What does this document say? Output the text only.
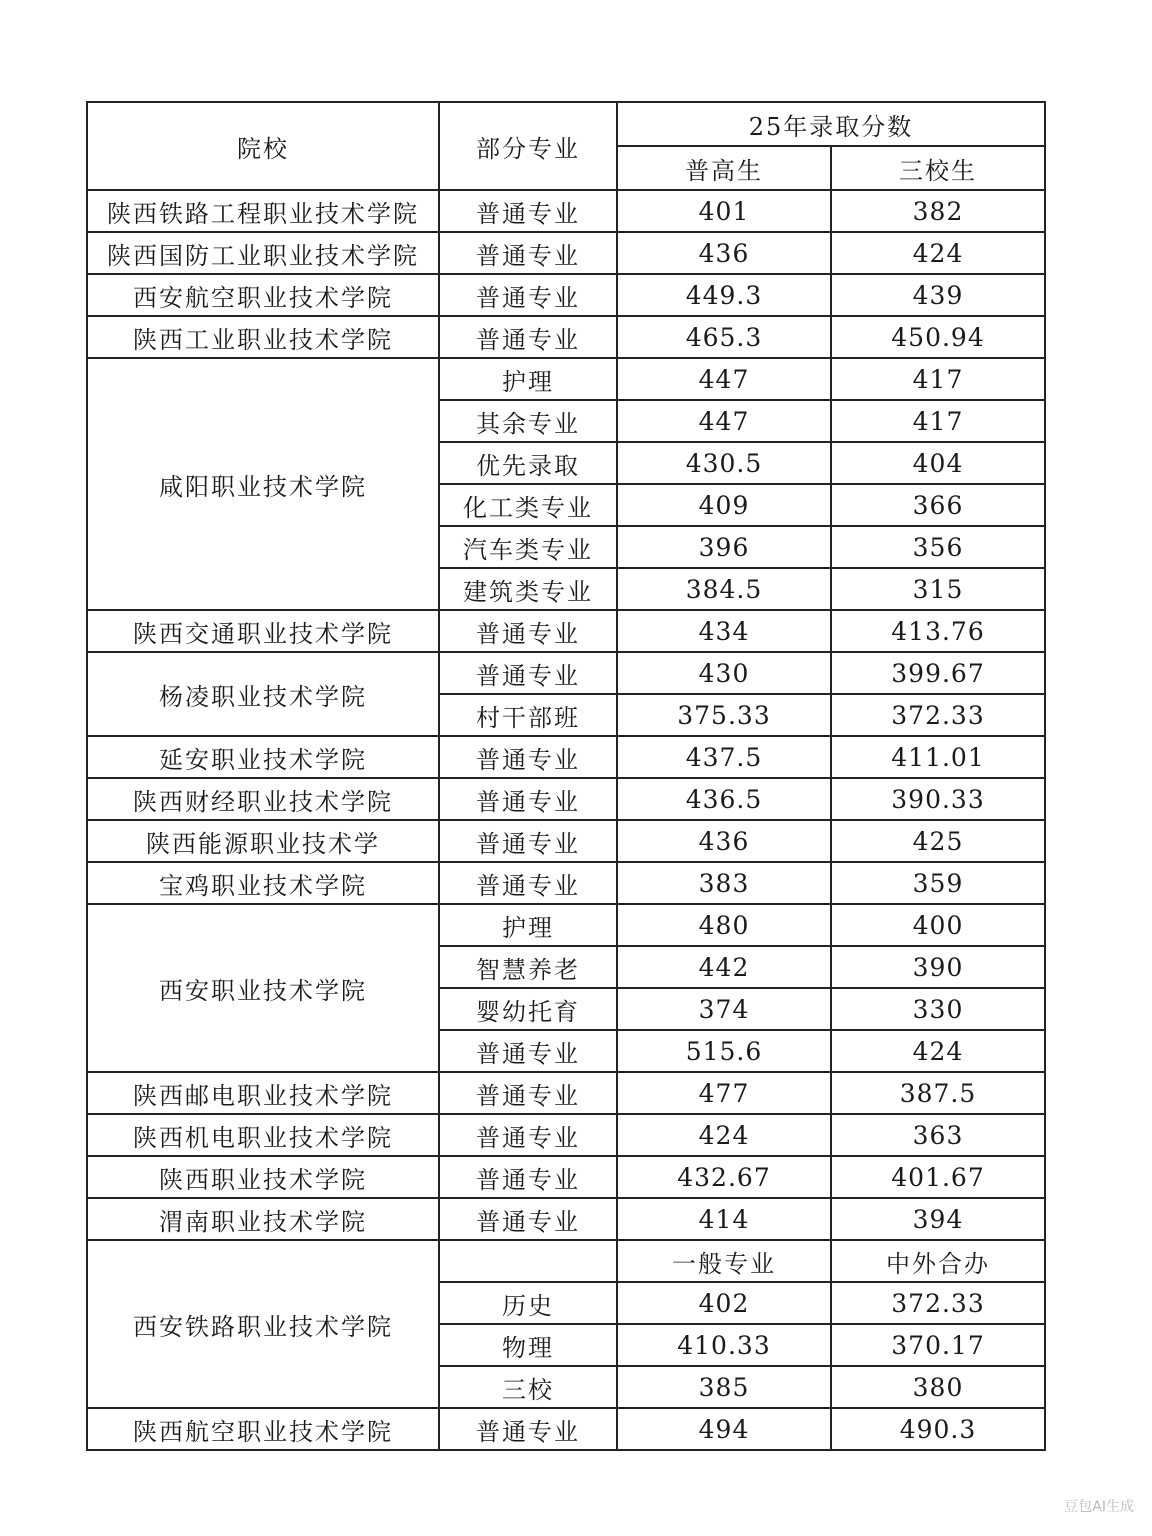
院校	部分专业	25年录取分数	
		普高生	三校生
陕西铁路工程职业技术学院	普通专业	401	382
陕西国防工业职业技术学院	普通专业	436	424
西安航空职业技术学院	普通专业	449.3	439
陕西工业职业技术学院	普通专业	465.3	450.94
咸阳职业技术学院	护理	447	417
	其余专业	447	417
	优先录取	430.5	404
	化工类专业	409	366
	汽车类专业	396	356
	建筑类专业	384.5	315
陕西交通职业技术学院	普通专业	434	413.76
杨凌职业技术学院	普通专业	430	399.67
	村干部班	375.33	372.33
延安职业技术学院	普通专业	437.5	411.01
陕西财经职业技术学院	普通专业	436.5	390.33
陕西能源职业技术学	普通专业	436	425
宝鸡职业技术学院	普通专业	383	359
西安职业技术学院	护理	480	400
	智慧养老	442	390
	婴幼托育	374	330
	普通专业	515.6	424
陕西邮电职业技术学院	普通专业	477	387.5
陕西机电职业技术学院	普通专业	424	363
陕西职业技术学院	普通专业	432.67	401.67
渭南职业技术学院	普通专业	414	394
西安铁路职业技术学院		一般专业	中外合办
	历史	402	372.33
	物理	410.33	370.17
	三校	385	380
陕西航空职业技术学院	普通专业	494	490.3
豆包AI生成
